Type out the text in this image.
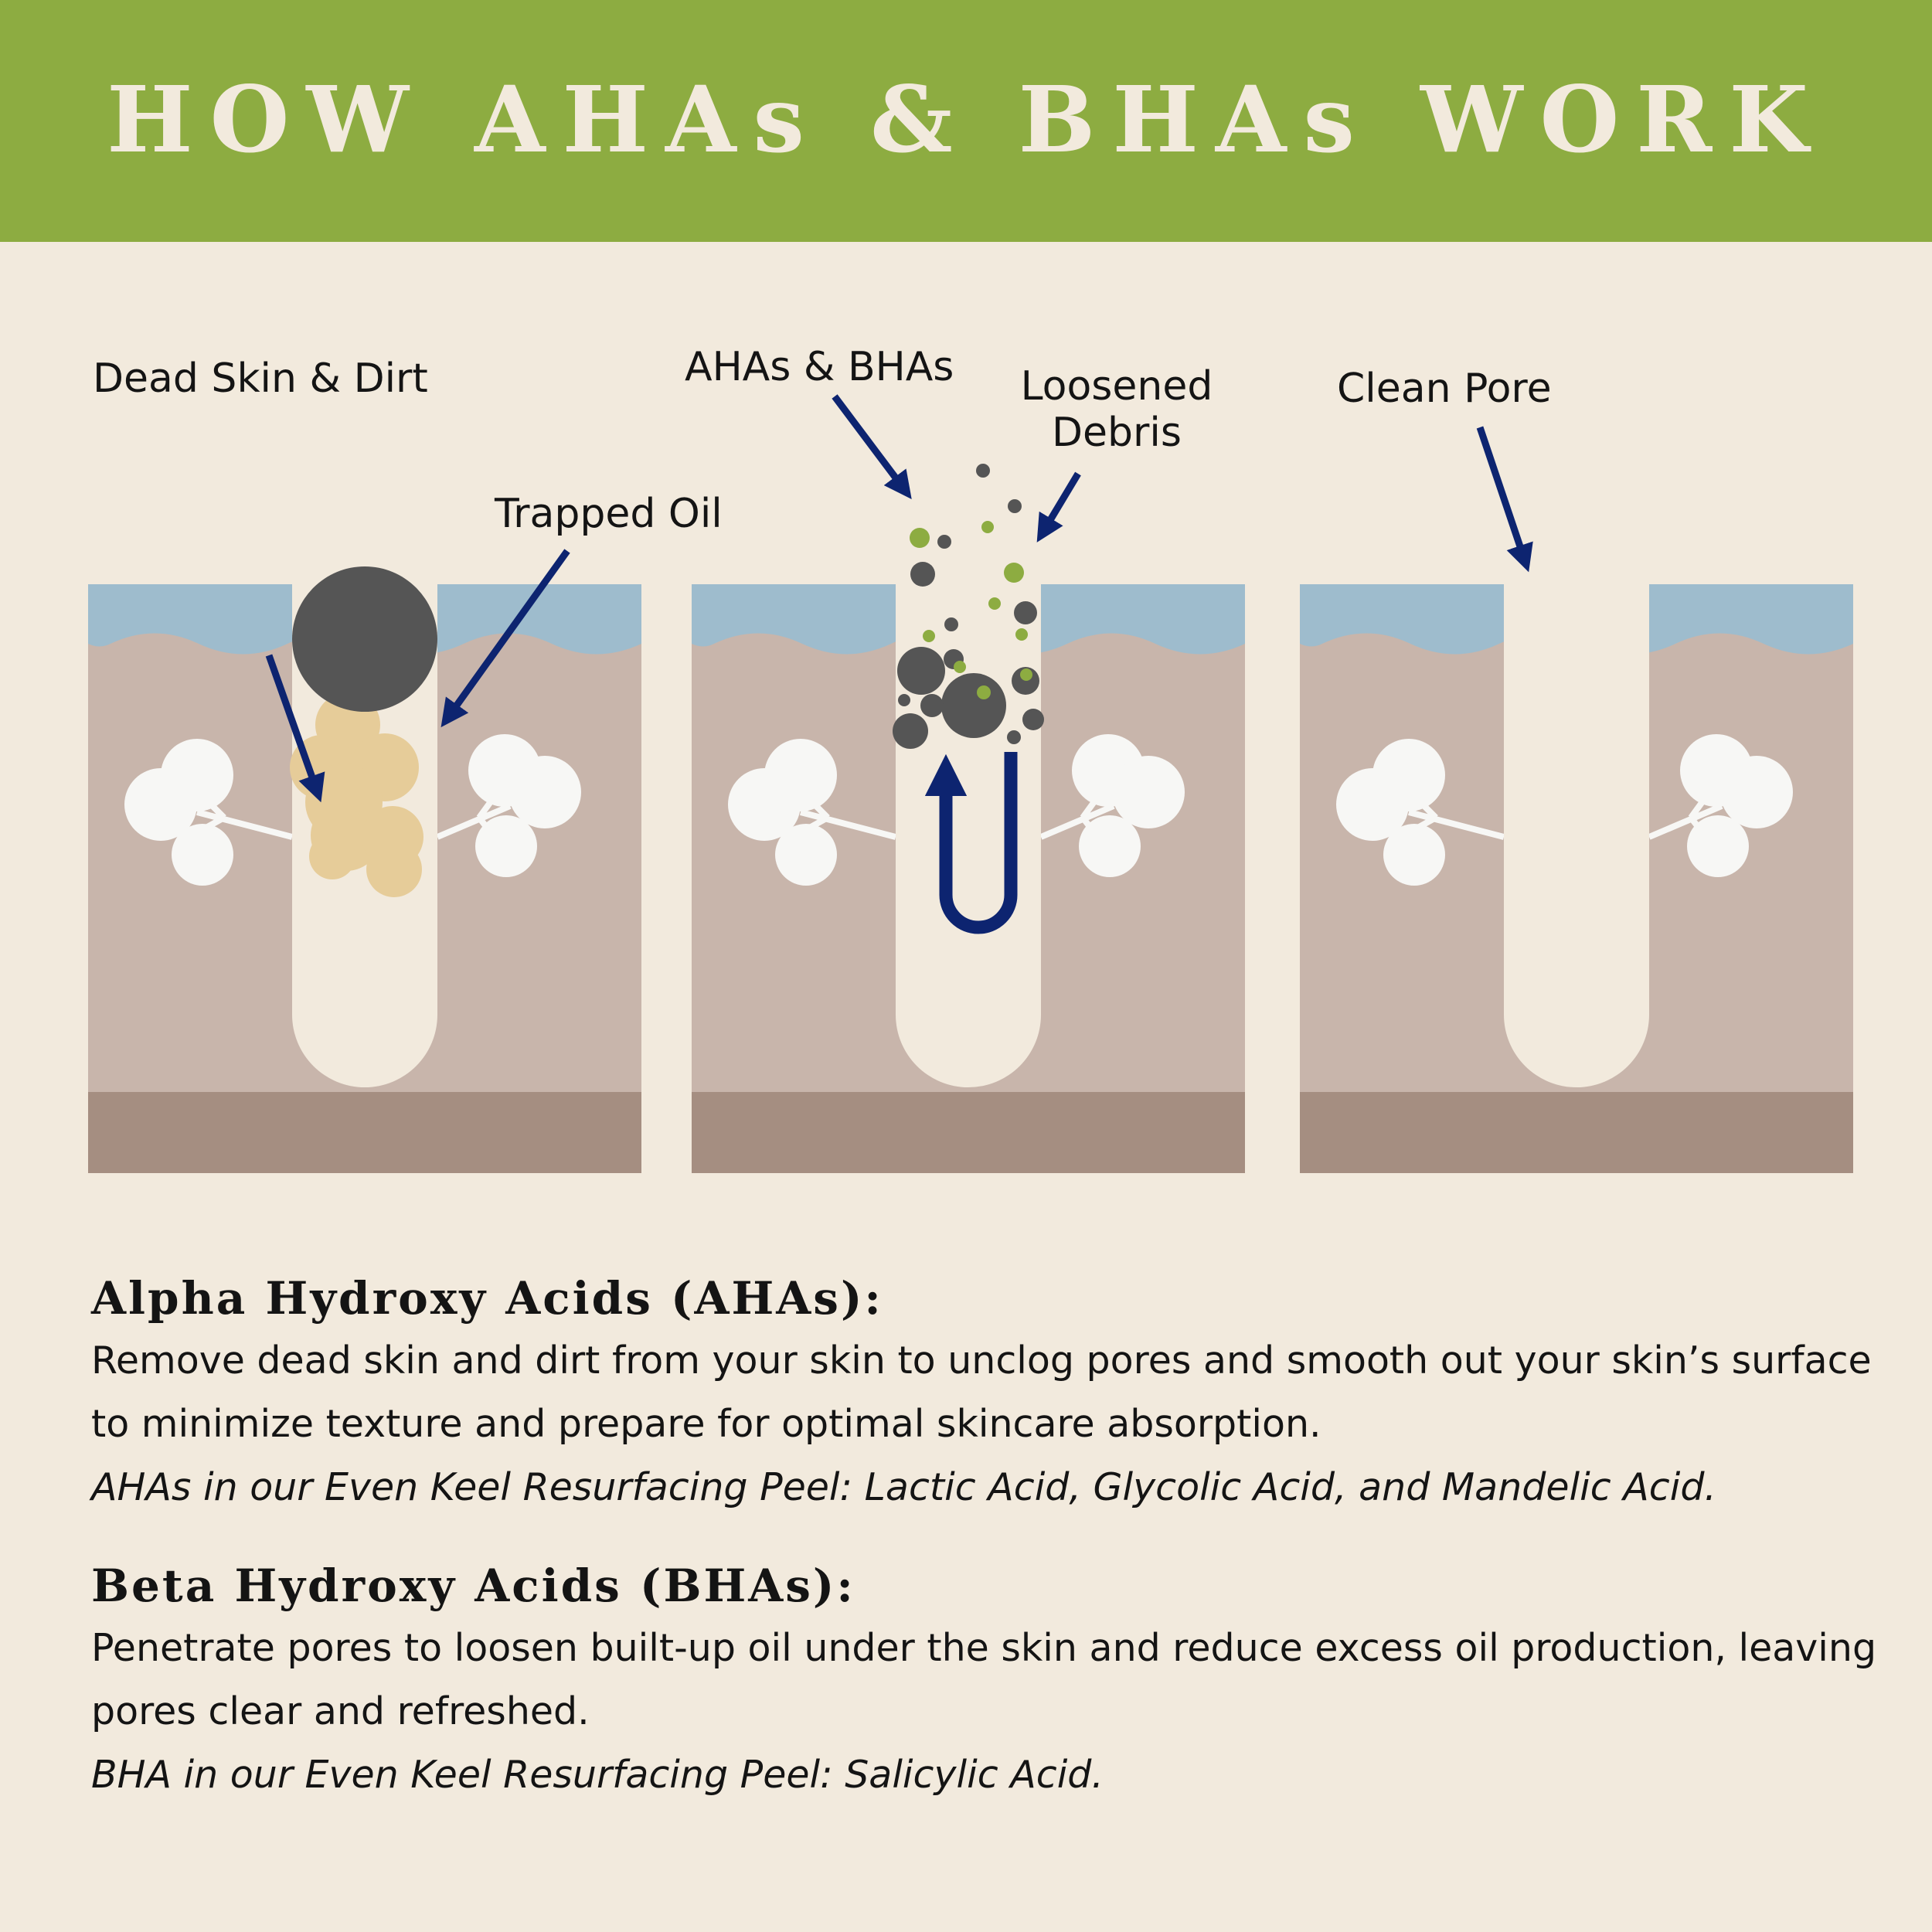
HOW AHAs & BHAs WORK
Dead Skin & Dirt
Trapped Oil
AHAs & BHAs Loosened
Debris
Clean Pore
Alpha Hydroxy Acids (AHAs):
Remove dead skin and dirt from your skin to unclog pores and smooth out your skin’s surface
to minimize texture and prepare for optimal skincare absorption.
AHAs in our Even Keel Resurfacing Peel: Lactic Acid, Glycolic Acid, and Mandelic Acid.
Beta Hydroxy Acids (BHAs):
Penetrate pores to loosen built-up oil under the skin and reduce excess oil production, leaving
pores clear and refreshed.
BHA in our Even Keel Resurfacing Peel: Salicylic Acid.
